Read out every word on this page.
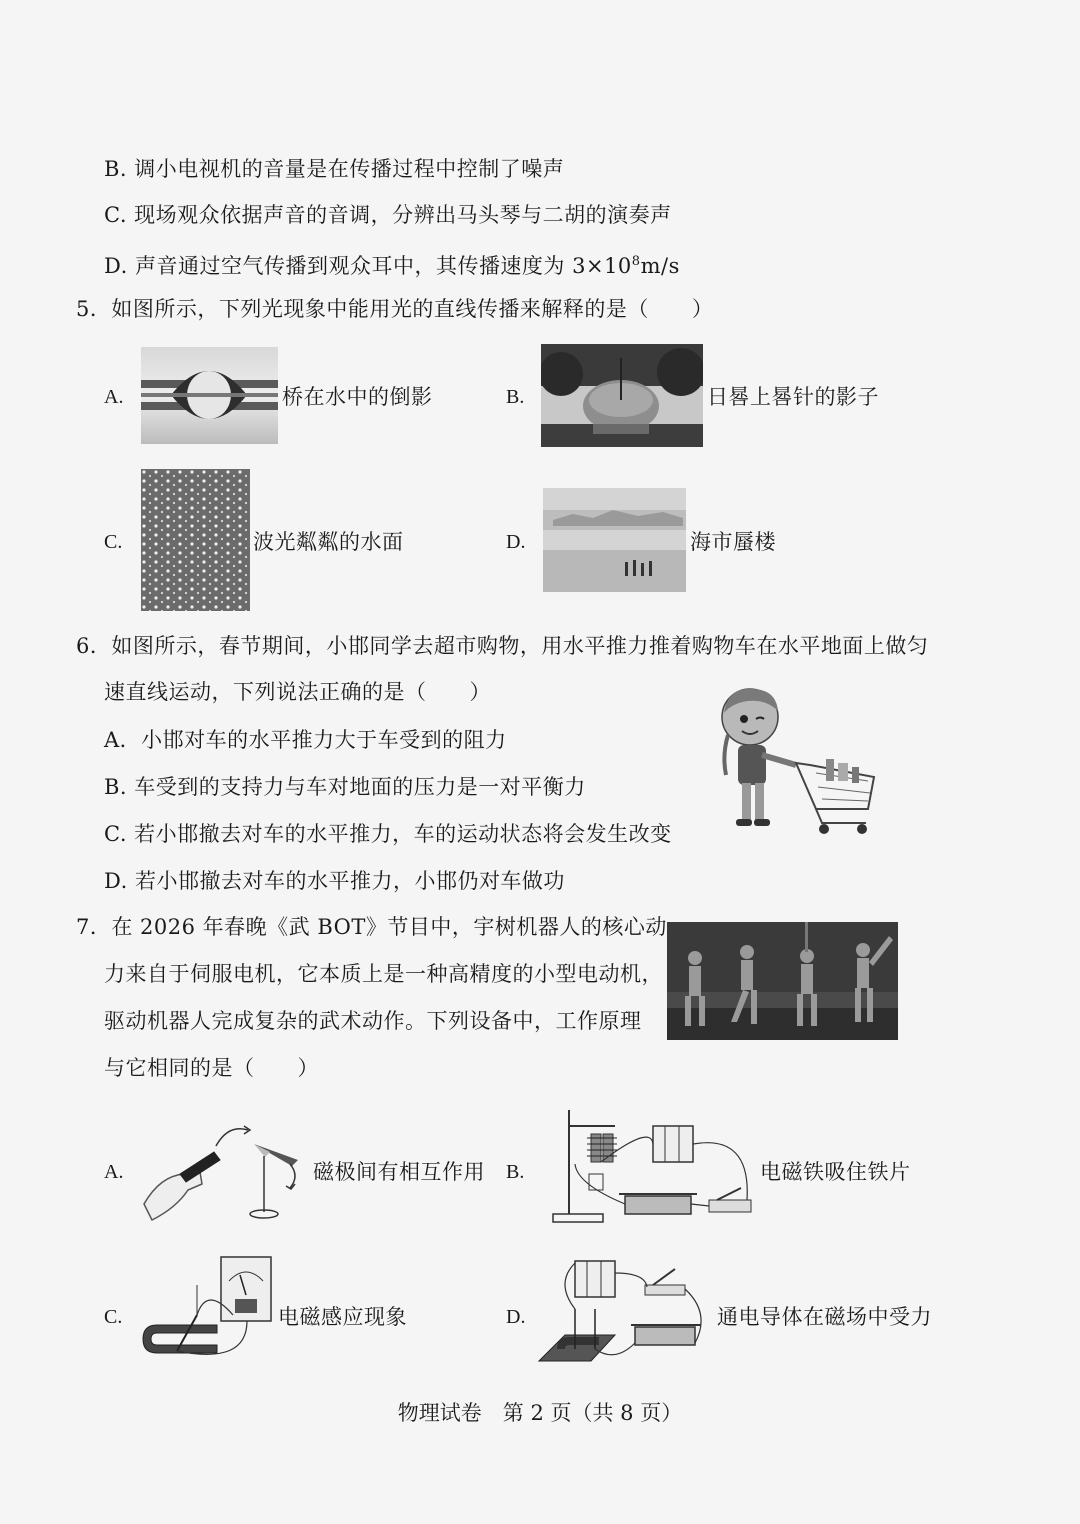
B. 调小电视机的音量是在传播过程中控制了噪声
C. 现场观众依据声音的音调，分辨出马头琴与二胡的演奏声
D. 声音通过空气传播到观众耳中，其传播速度为 $3\times 10^8m/s$
5．如图所示，下列光现象中能用光的直线传播来解释的是（　　）
A.	桥在水中的倒影	B.	日晷上晷针的影子
C.	波光粼粼的水面	D.	海市蜃楼
6．如图所示，春节期间，小邯同学去超市购物，用水平推力推着购物车在水平地面上做匀
速直线运动，下列说法正确的是（　　）
A．小邯对车的水平推力大于车受到的阻力
B. 车受到的支持力与车对地面的压力是一对平衡力
C. 若小邯撤去对车的水平推力，车的运动状态将会发生改变
D. 若小邯撤去对车的水平推力，小邯仍对车做功
7．在 2026 年春晚《武 BOT》节目中，宇树机器人的核心动
力来自于伺服电机，它本质上是一种高精度的小型电动机，
驱动机器人完成复杂的武术动作。下列设备中，工作原理
与它相同的是（　　）
A.	磁极间有相互作用 B.	电磁铁吸住铁片
C.	电磁感应现象	D.	通电导体在磁场中受力
物理试卷　第 2 页（共 8 页）
